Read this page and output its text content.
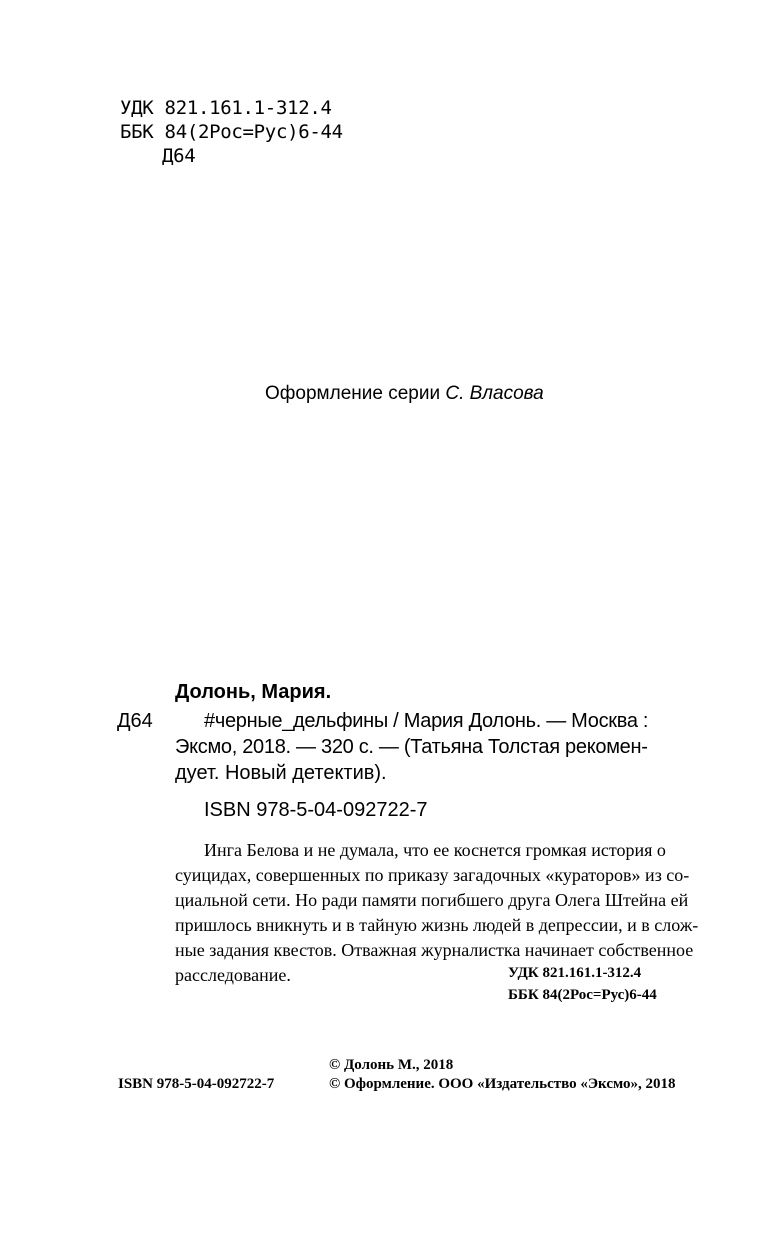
УДК 821.161.1-312.4
ББК 84(2Рос=Рус)6-44
Д64
Оформление серии С. Власова
Долонь, Мария.
Д64	#черные_дельфины / Мария Долонь. — Москва :
Эксмо, 2018. — 320 с. — (Татьяна Толстая рекомен-
дует. Новый детектив).
ISBN 978-5-04-092722-7
Инга Белова и не думала, что ее коснется громкая история о
суицидах, совершенных по приказу загадочных «кураторов» из со-
циальной сети. Но ради памяти погибшего друга Олега Штейна ей
пришлось вникнуть и в тайную жизнь людей в депрессии, и в слож-
ные задания квестов. Отважная журналистка начинает собственное
расследование.	УДК 821.161.1-312.4
ББК 84(2Рос=Рус)6-44
© Долонь М., 2018
ISBN 978-5-04-092722-7	© Оформление. ООО «Издательство «Эксмо», 2018
